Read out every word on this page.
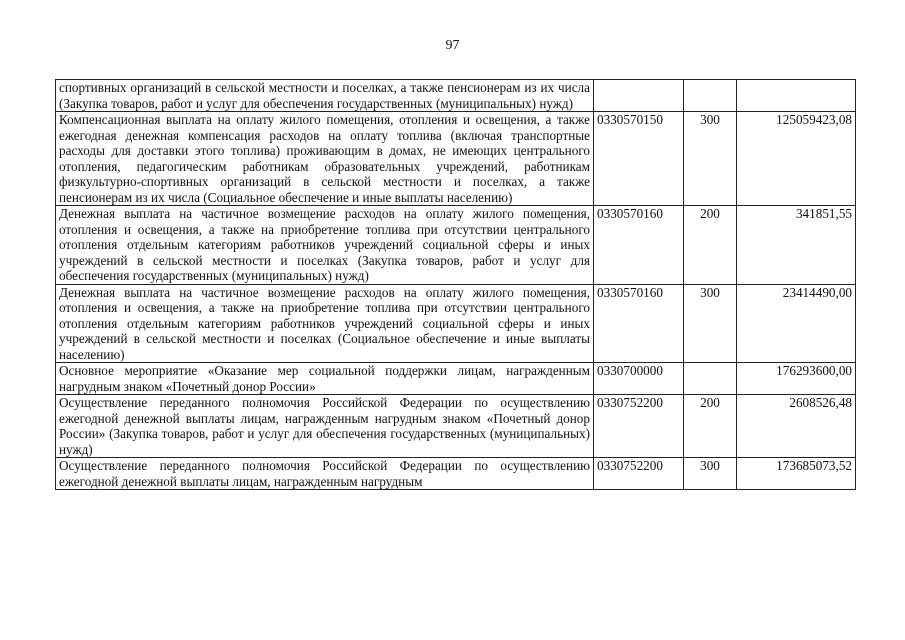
97
спортивных организаций в сельской местности и поселках, а также пенсионерам из их числа (Закупка товаров, работ и услуг для обеспечения государственных (муниципальных) нужд)			
Компенсационная выплата на оплату жилого помещения, отопления и освещения, а также ежегодная денежная компенсация расходов на оплату топлива (включая транспортные расходы для доставки этого топлива) проживающим в домах, не имеющих центрального отопления, педагогическим работникам образовательных учреждений, работникам физкультурно-спортивных организаций в сельской местности и поселках, а также пенсионерам из их числа (Социальное обеспечение и иные выплаты населению)	0330570150	300	125059423,08
Денежная выплата на частичное возмещение расходов на оплату жилого помещения, отопления и освещения, а также на приобретение топлива при отсутствии центрального отопления отдельным категориям работников учреждений социальной сферы и иных учреждений в сельской местности и поселках (Закупка товаров, работ и услуг для обеспечения государственных (муниципальных) нужд)	0330570160	200	341851,55
Денежная выплата на частичное возмещение расходов на оплату жилого помещения, отопления и освещения, а также на приобретение топлива при отсутствии центрального отопления отдельным категориям работников учреждений социальной сферы и иных учреждений в сельской местности и поселках (Социальное обеспечение и иные выплаты населению)	0330570160	300	23414490,00
Основное мероприятие «Оказание мер социальной поддержки лицам, награжденным нагрудным знаком «Почетный донор России»	0330700000		176293600,00
Осуществление переданного полномочия Российской Федерации по осуществлению ежегодной денежной выплаты лицам, награжденным нагрудным знаком «Почетный донор России» (Закупка товаров, работ и услуг для обеспечения государственных (муниципальных) нужд)	0330752200	200	2608526,48
Осуществление переданного полномочия Российской Федерации по осуществлению ежегодной денежной выплаты лицам, награжденным нагрудным	0330752200	300	173685073,52
